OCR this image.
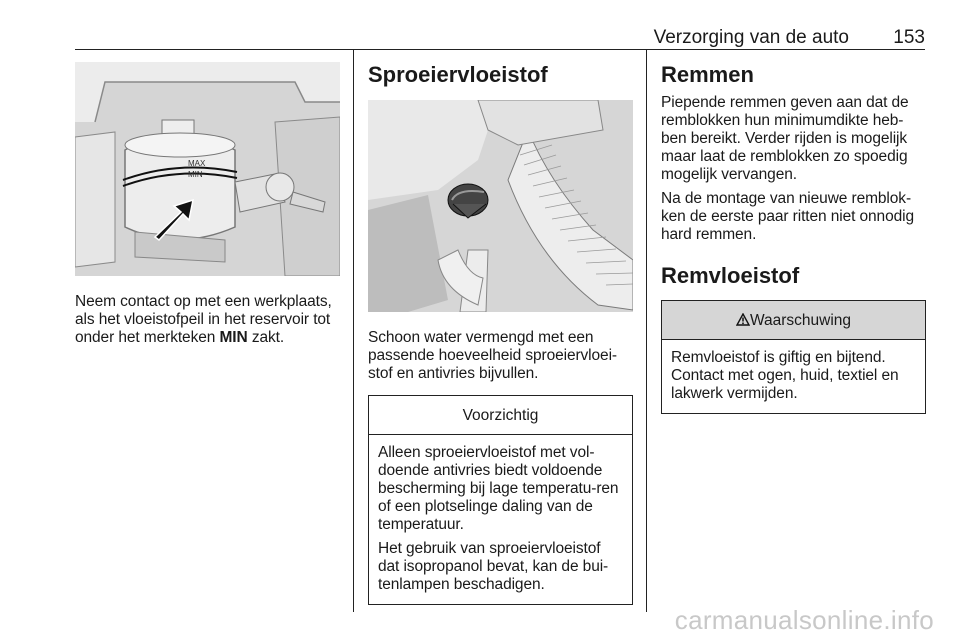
Verzorging van de auto 153
MAX
MIN

Neem contact op met een werkplaats, als het vloeistofpeil in het reservoir tot onder het merkteken MIN zakt.

Sproeiervloeistof

Schoon water vermengd met een passende hoeveelheid sproeiervloei-stof en antivries bijvullen.

Voorzichtig

Alleen sproeiervloeistof met vol-doende antivries biedt voldoende bescherming bij lage temperatu-ren of een plotselinge daling van de temperatuur.

Het gebruik van sproeiervloeistof dat isopropanol bevat, kan de bui-tenlampen beschadigen.

Remmen

Piepende remmen geven aan dat de remblokken hun minimumdikte heb-ben bereikt. Verder rijden is mogelijk maar laat de remblokken zo spoedig mogelijk vervangen.

Na de montage van nieuwe remblok-ken de eerste paar ritten niet onnodig hard remmen.

Remvloeistof
Waarschuwing

Remvloeistof is giftig en bijtend. Contact met ogen, huid, textiel en lakwerk vermijden.

carmanualsonline.info
